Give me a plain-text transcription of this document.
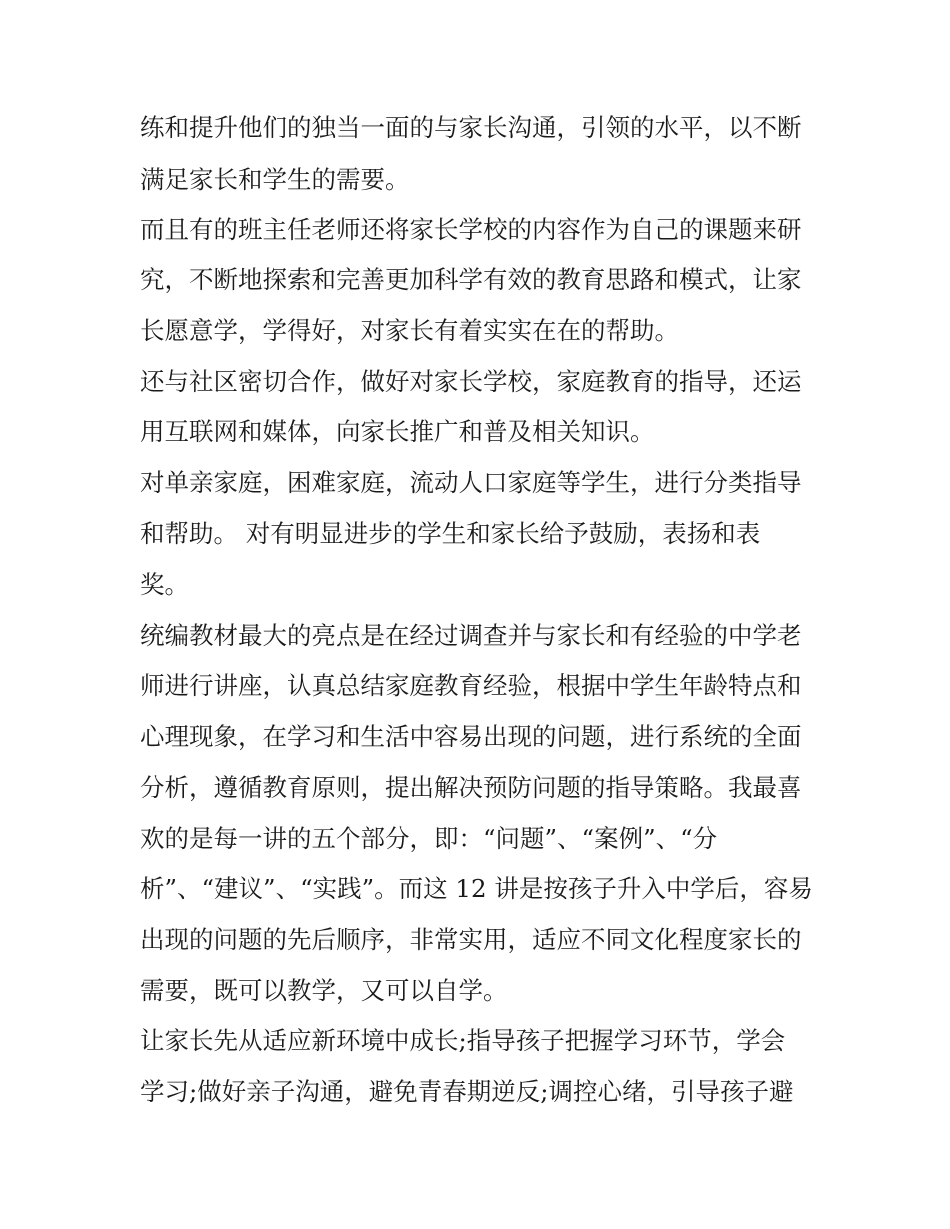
练和提升他们的独当一面的与家长沟通，引领的水平，以不断

满足家长和学生的需要。

而且有的班主任老师还将家长学校的内容作为自己的课题来研

究，不断地探索和完善更加科学有效的教育思路和模式，让家

长愿意学，学得好，对家长有着实实在在的帮助。

还与社区密切合作，做好对家长学校，家庭教育的指导，还运

用互联网和媒体，向家长推广和普及相关知识。

对单亲家庭，困难家庭，流动人口家庭等学生，进行分类指导

和帮助。 对有明显进步的学生和家长给予鼓励，表扬和表

奖。

统编教材最大的亮点是在经过调查并与家长和有经验的中学老

师进行讲座，认真总结家庭教育经验，根据中学生年龄特点和

心理现象，在学习和生活中容易出现的问题，进行系统的全面

分析，遵循教育原则，提出解决预防问题的指导策略。我最喜

欢的是每一讲的五个部分，即：“问题”、“案例”、“分

析”、“建议”、“实践”。而这 12 讲是按孩子升入中学后，容易

出现的问题的先后顺序，非常实用，适应不同文化程度家长的

需要，既可以教学，又可以自学。

让家长先从适应新环境中成长;指导孩子把握学习环节，学会

学习;做好亲子沟通，避免青春期逆反;调控心绪，引导孩子避
